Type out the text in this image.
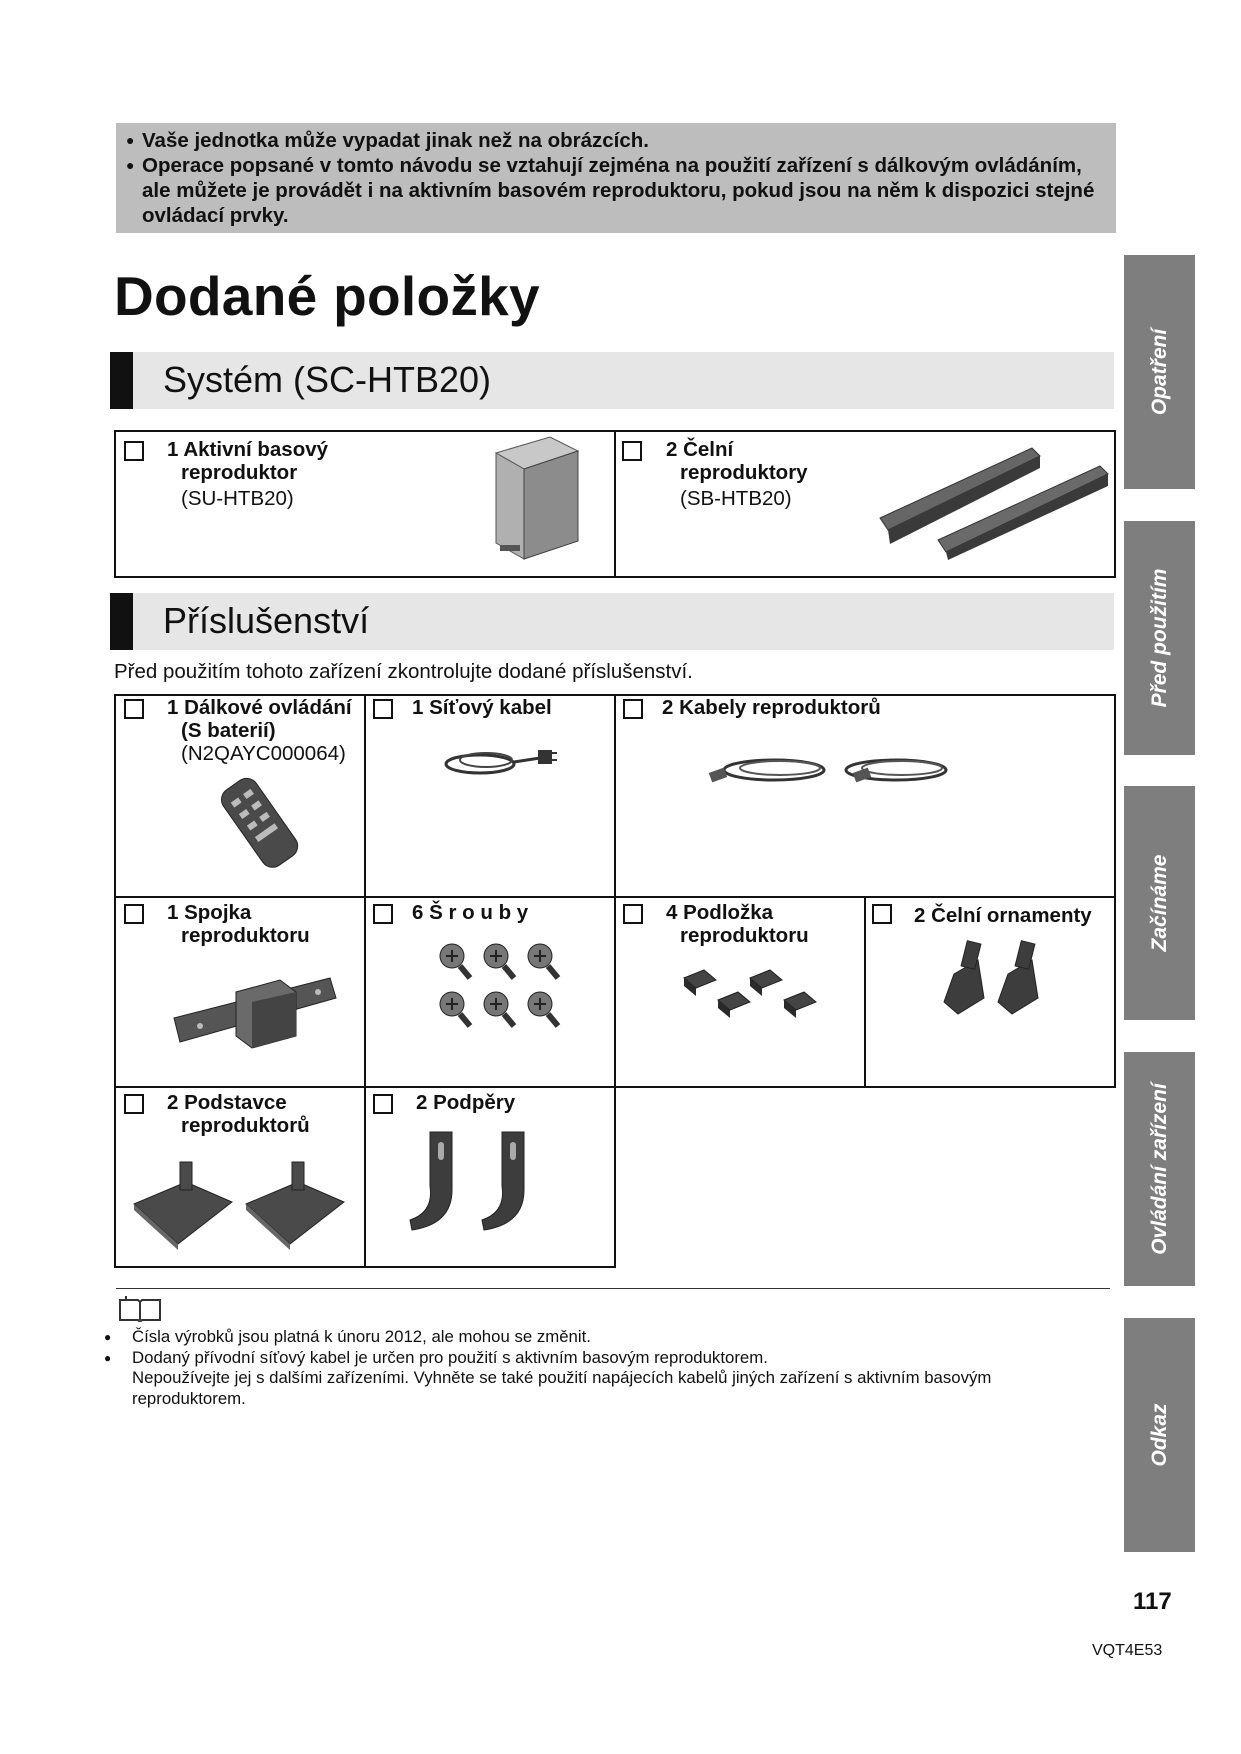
● Vaše jednotka může vypadat jinak než na obrázcích.
● Operace popsané v tomto návodu se vztahují zejména na použití zařízení s dálkovým ovládáním, ale můžete je provádět i na aktivním basovém reproduktoru, pokud jsou na něm k dispozici stejné ovládací prvky.
Dodané položky
Systém (SC-HTB20)
1 Aktivní basový
reproduktor
(SU-HTB20)
2 Čelní
reproduktory
(SB-HTB20)
Příslušenství
Před použitím tohoto zařízení zkontrolujte dodané příslušenství.
1 Dálkové ovládání
(S baterií)
(N2QAYC000064)
1 Síťový kabel	2 Kabely reproduktorů
1 Spojka
reproduktoru
6 Š r o u b y	4 Podložka
reproduktoru
2 Čelní ornamenty
2 Podstavce
reproduktorů
2 Podpěry
● Čísla výrobků jsou platná k únoru 2012, ale mohou se změnit.
● Dodaný přívodní síťový kabel je určen pro použití s aktivním basovým reproduktorem.
Nepoužívejte jej s dalšími zařízeními. Vyhněte se také použití napájecích kabelů jiných zařízení s aktivním basovým reproduktorem.
Opatření
Před použitím
Začínáme
Ovládání zařízení
Odkaz
117
VQT4E53
